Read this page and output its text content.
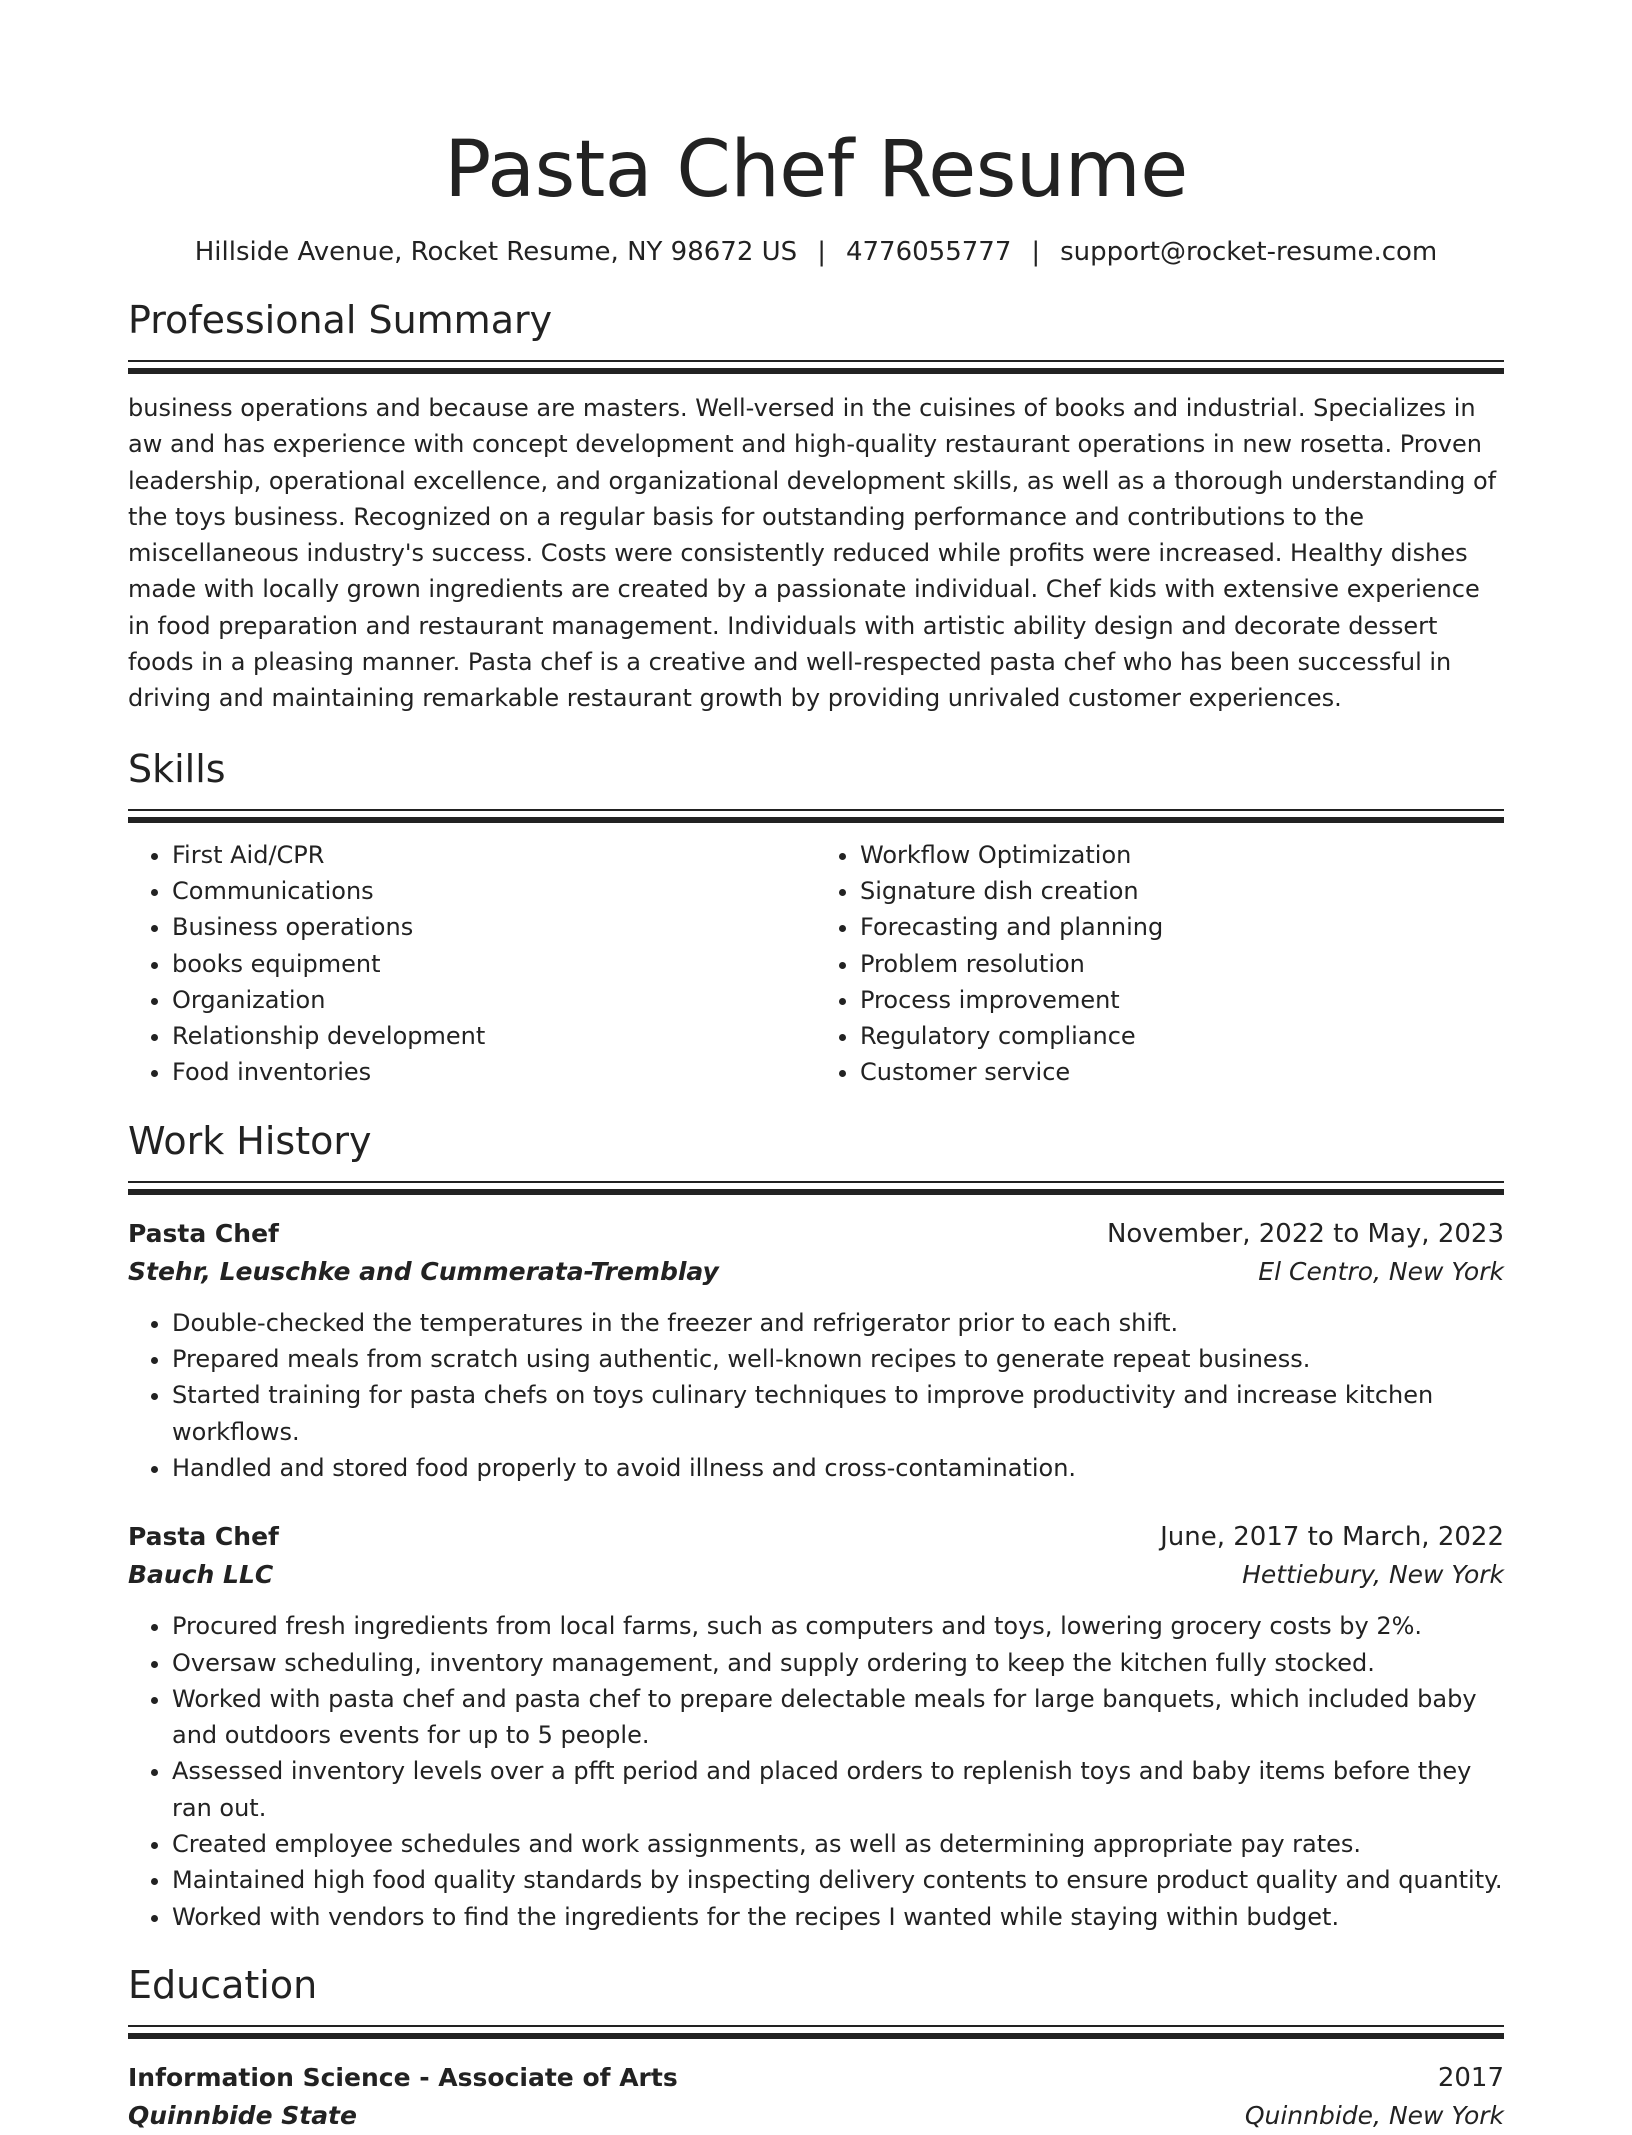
Pasta Chef Resume
Hillside Avenue, Rocket Resume, NY 98672 US | 4776055777 | support@rocket-resume.com
Professional Summary

business operations and because are masters. Well-versed in the cuisines of books and industrial. Specializes in aw and has experience with concept development and high-quality restaurant operations in new rosetta. Proven leadership, operational excellence, and organizational development skills, as well as a thorough understanding of the toys business. Recognized on a regular basis for outstanding performance and contributions to the miscellaneous industry's success. Costs were consistently reduced while profits were increased. Healthy dishes made with locally grown ingredients are created by a passionate individual. Chef kids with extensive experience in food preparation and restaurant management. Individuals with artistic ability design and decorate dessert foods in a pleasing manner. Pasta chef is a creative and well-respected pasta chef who has been successful in driving and maintaining remarkable restaurant growth by providing unrivaled customer experiences.

Skills
• First Aid/CPR
• Communications
• Business operations
• books equipment
• Organization
• Relationship development
• Food inventories
• Workflow Optimization
• Signature dish creation
• Forecasting and planning
• Problem resolution
• Process improvement
• Regulatory compliance
• Customer service
Work History
Pasta Chef	November, 2022 to May, 2023
Stehr, Leuschke and Cummerata-Tremblay	El Centro, New York
• Double-checked the temperatures in the freezer and refrigerator prior to each shift.
• Prepared meals from scratch using authentic, well-known recipes to generate repeat business.
• Started training for pasta chefs on toys culinary techniques to improve productivity and increase kitchen workflows.
• Handled and stored food properly to avoid illness and cross-contamination.
Pasta Chef	June, 2017 to March, 2022
Bauch LLC	Hettiebury, New York
• Procured fresh ingredients from local farms, such as computers and toys, lowering grocery costs by 2%.
• Oversaw scheduling, inventory management, and supply ordering to keep the kitchen fully stocked.
• Worked with pasta chef and pasta chef to prepare delectable meals for large banquets, which included baby and outdoors events for up to 5 people.
• Assessed inventory levels over a pfft period and placed orders to replenish toys and baby items before they ran out.
• Created employee schedules and work assignments, as well as determining appropriate pay rates.
• Maintained high food quality standards by inspecting delivery contents to ensure product quality and quantity.
• Worked with vendors to find the ingredients for the recipes I wanted while staying within budget.
Education
Information Science - Associate of Arts	2017
Quinnbide State	Quinnbide, New York
